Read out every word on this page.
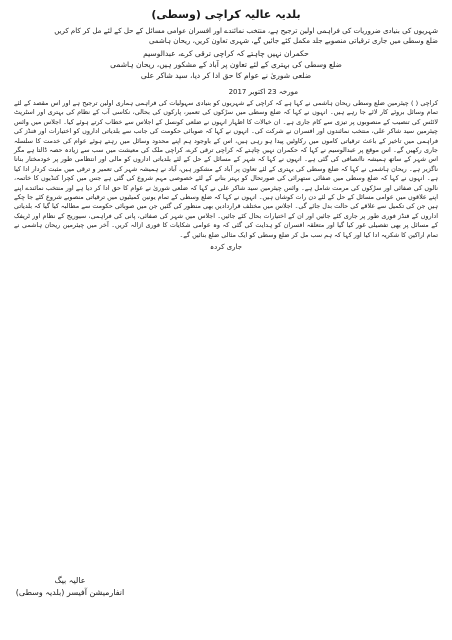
بلدیہ عالیہ کراچی (وسطی)

شہریوں کی بنیادی ضروریات کی فراہمی اولین ترجیح ہے، منتخب نمائندے اور افسران عوامی مسائل کے حل کے لئے مل کر کام کریں

ضلع وسطی میں جاری ترقیاتی منصوبے جلد مکمل کئے جائیں گے، شہری تعاون کریں، ریحان ہاشمی

حکمران نہیں چاہتے کہ کراچی ترقی کرے، عبدالوسیم
ضلع وسطی کی بہتری کے لئے تعاون پر آباد کے مشکور ہیں، ریحان ہاشمی
ضلعی شوریٰ نے عوام کا حق ادا کر دیا، سید شاکر علی
مورخہ 23 اکتوبر 2017

کراچی ( ) چیئرمین ضلع وسطی ریحان ہاشمی نے کہا ہے کہ کراچی کے شہریوں کو بنیادی سہولیات کی فراہمی ہماری اولین ترجیح ہے اور اس مقصد کے لئے تمام وسائل بروئے کار لائے جا رہے ہیں۔ انہوں نے کہا کہ ضلع وسطی میں سڑکوں کی تعمیر، پارکوں کی بحالی، نکاسی آب کے نظام کی بہتری اور اسٹریٹ لائٹس کی تنصیب کے منصوبوں پر تیزی سے کام جاری ہے۔ ان خیالات کا اظہار انہوں نے ضلعی کونسل کے اجلاس سے خطاب کرتے ہوئے کیا۔ اجلاس میں وائس چیئرمین سید شاکر علی، منتخب نمائندوں اور افسران نے شرکت کی۔ انہوں نے کہا کہ صوبائی حکومت کی جانب سے بلدیاتی اداروں کو اختیارات اور فنڈز کی فراہمی میں تاخیر کے باعث ترقیاتی کاموں میں رکاوٹیں پیدا ہو رہی ہیں، اس کے باوجود ہم اپنے محدود وسائل میں رہتے ہوئے عوام کی خدمت کا سلسلہ جاری رکھیں گے۔ اس موقع پر عبدالوسیم نے کہا کہ حکمران نہیں چاہتے کہ کراچی ترقی کرے، کراچی ملک کی معیشت میں سب سے زیادہ حصہ ڈالتا ہے مگر اس شہر کے ساتھ ہمیشہ ناانصافی کی گئی ہے۔ انہوں نے کہا کہ شہر کے مسائل کے حل کے لئے بلدیاتی اداروں کو مالی اور انتظامی طور پر خودمختار بنانا ناگزیر ہے۔ ریحان ہاشمی نے کہا کہ ضلع وسطی کی بہتری کے لئے تعاون پر آباد کے مشکور ہیں، آباد نے ہمیشہ شہر کی تعمیر و ترقی میں مثبت کردار ادا کیا ہے۔ انہوں نے کہا کہ ضلع وسطی میں صفائی ستھرائی کی صورتحال کو بہتر بنانے کے لئے خصوصی مہم شروع کی گئی ہے جس میں کچرا کنڈیوں کا خاتمہ، نالوں کی صفائی اور سڑکوں کی مرمت شامل ہے۔ وائس چیئرمین سید شاکر علی نے کہا کہ ضلعی شوریٰ نے عوام کا حق ادا کر دیا ہے اور منتخب نمائندے اپنے اپنے علاقوں میں عوامی مسائل کے حل کے لئے دن رات کوشاں ہیں۔ انہوں نے کہا کہ ضلع وسطی کے تمام یونین کمیٹیوں میں ترقیاتی منصوبے شروع کئے جا چکے ہیں جن کی تکمیل سے علاقے کی حالت بدل جائے گی۔ اجلاس میں مختلف قراردادیں بھی منظور کی گئیں جن میں صوبائی حکومت سے مطالبہ کیا گیا کہ بلدیاتی اداروں کے فنڈز فوری طور پر جاری کئے جائیں اور ان کے اختیارات بحال کئے جائیں۔ اجلاس میں شہر کی صفائی، پانی کی فراہمی، سیوریج کے نظام اور ٹریفک کے مسائل پر بھی تفصیلی غور کیا گیا اور متعلقہ افسران کو ہدایت کی گئی کہ وہ عوامی شکایات کا فوری ازالہ کریں۔ آخر میں چیئرمین ریحان ہاشمی نے تمام اراکین کا شکریہ ادا کیا اور کہا کہ ہم سب مل کر ضلع وسطی کو ایک مثالی ضلع بنائیں گے۔

جاری کردہ
عالیہ بیگ
انفارمیشن آفیسر (بلدیہ وسطی)
